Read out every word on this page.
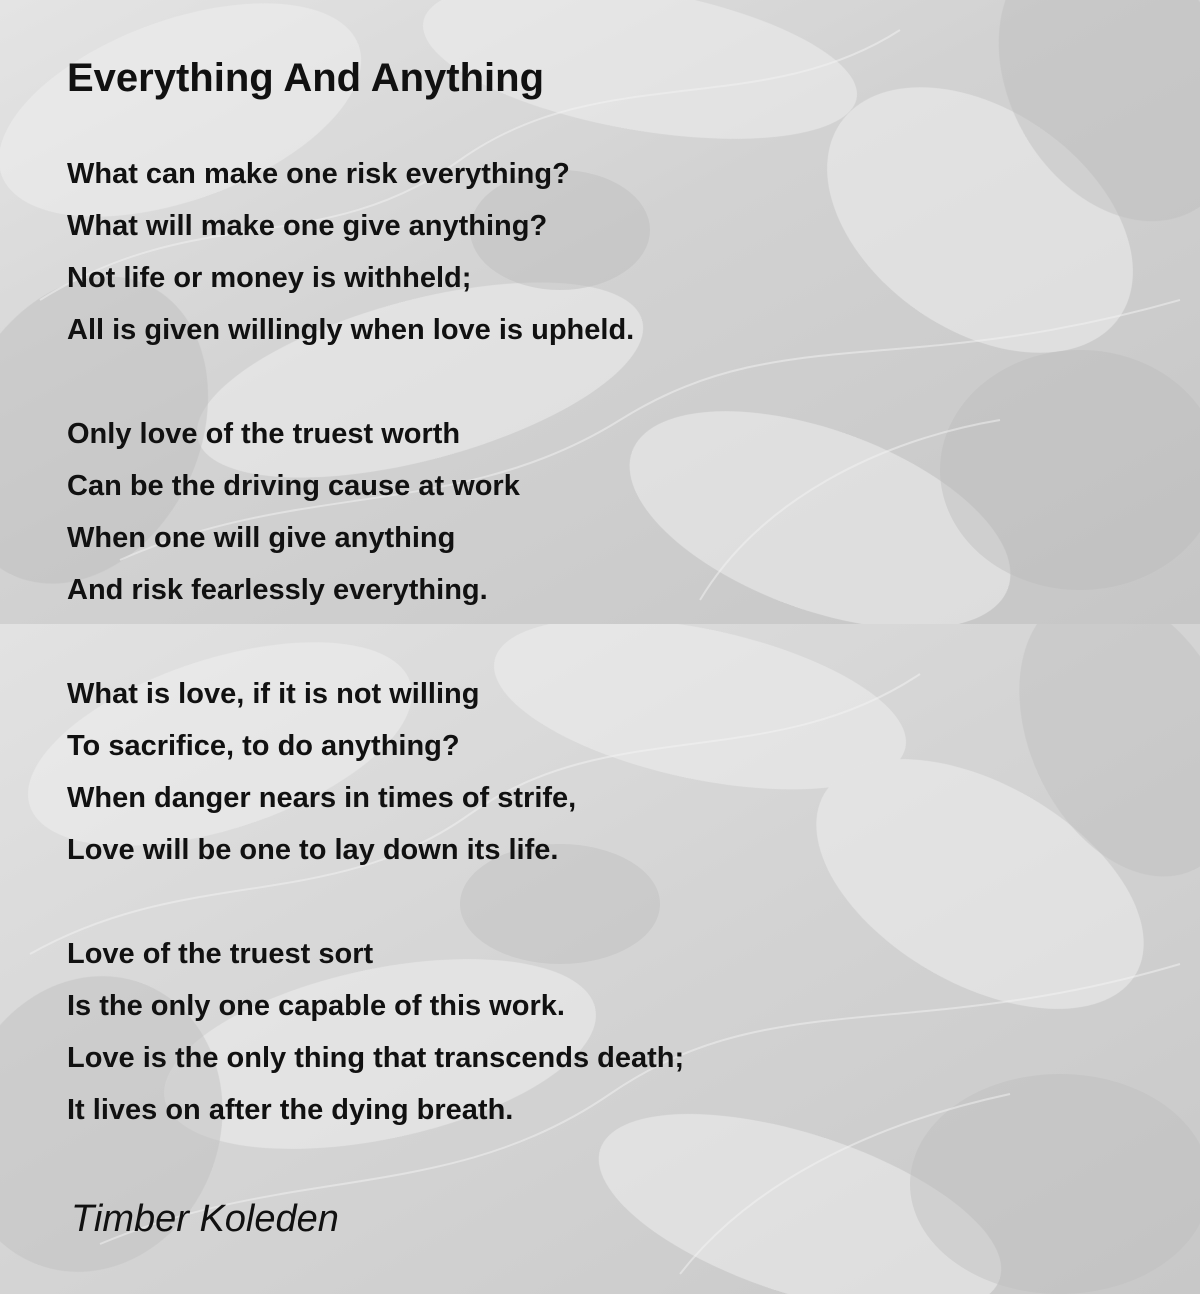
Everything And Anything
What can make one risk everything?
What will make one give anything?
Not life or money is withheld;
All is given willingly when love is upheld.
Only love of the truest worth
Can be the driving cause at work
When one will give anything
And risk fearlessly everything.
What is love, if it is not willing
To sacrifice, to do anything?
When danger nears in times of strife,
Love will be one to lay down its life.
Love of the truest sort
Is the only one capable of this work.
Love is the only thing that transcends death;
It lives on after the dying breath.

Timber Koleden
